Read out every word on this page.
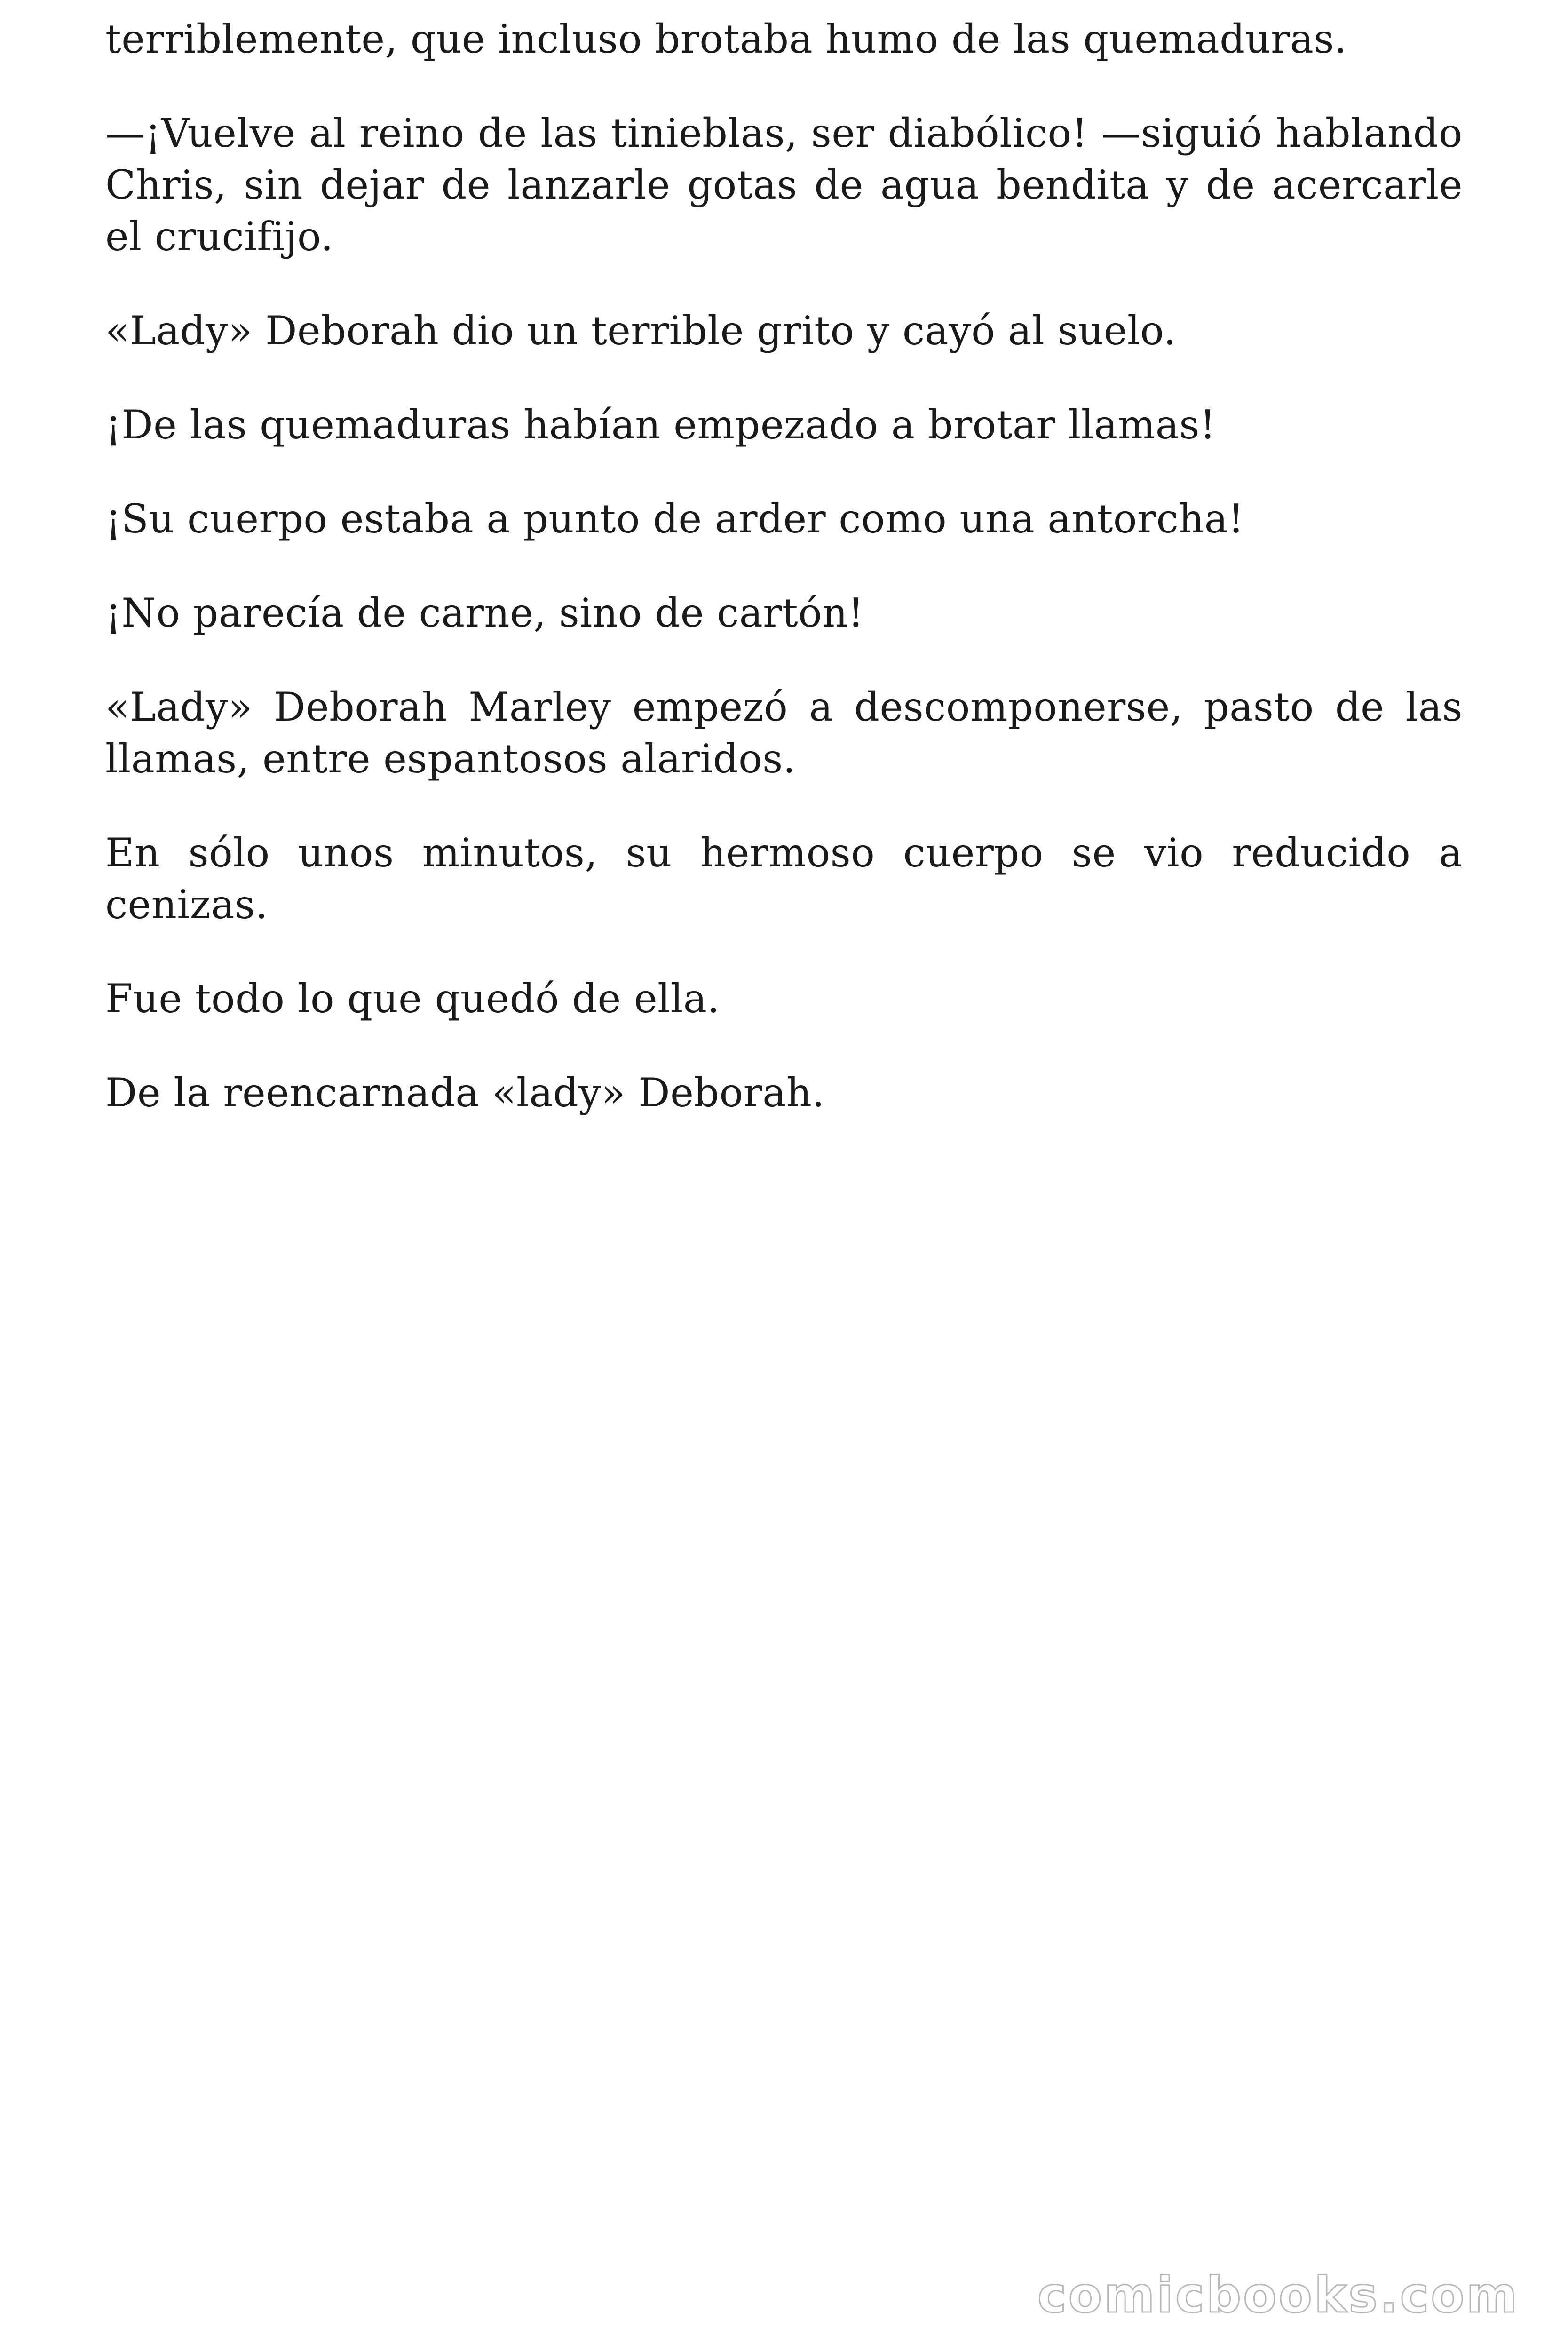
terriblemente, que incluso brotaba humo de las quemaduras.

—¡Vuelve al reino de las tinieblas, ser diabólico! —siguió hablando Chris, sin dejar de lanzarle gotas de agua bendita y de acercarle el crucifijo.

«Lady» Deborah dio un terrible grito y cayó al suelo.

¡De las quemaduras habían empezado a brotar llamas!

¡Su cuerpo estaba a punto de arder como una antorcha!

¡No parecía de carne, sino de cartón!

«Lady» Deborah Marley empezó a descomponerse, pasto de las llamas, entre espantosos alaridos.

En sólo unos minutos, su hermoso cuerpo se vio reducido a cenizas.

Fue todo lo que quedó de ella.

De la reencarnada «lady» Deborah.

comicbooks.com
